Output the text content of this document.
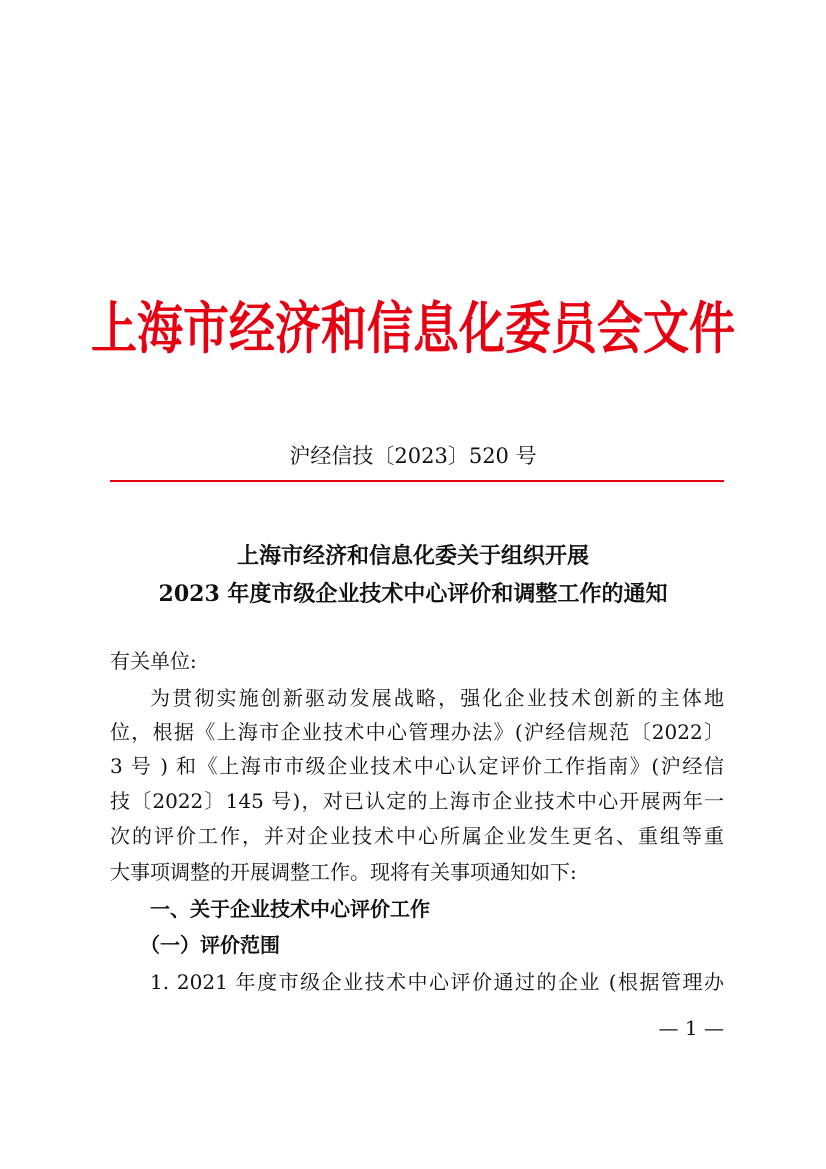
上海市经济和信息化委员会文件
沪经信技〔2023〕520 号
上海市经济和信息化委关于组织开展
2023 年度市级企业技术中心评价和调整工作的通知
有关单位:
为贯彻实施创新驱动发展战略，强化企业技术创新的主体地
位，根据《上海市企业技术中心管理办法》(沪经信规范〔2022〕
3 号 ) 和《上海市市级企业技术中心认定评价工作指南》(沪经信
技〔2022〕145 号)，对已认定的上海市企业技术中心开展两年一
次的评价工作，并对企业技术中心所属企业发生更名、重组等重
大事项调整的开展调整工作。现将有关事项通知如下:
一、关于企业技术中心评价工作
（一）评价范围
1. 2021 年度市级企业技术中心评价通过的企业 (根据管理办
— 1 —
